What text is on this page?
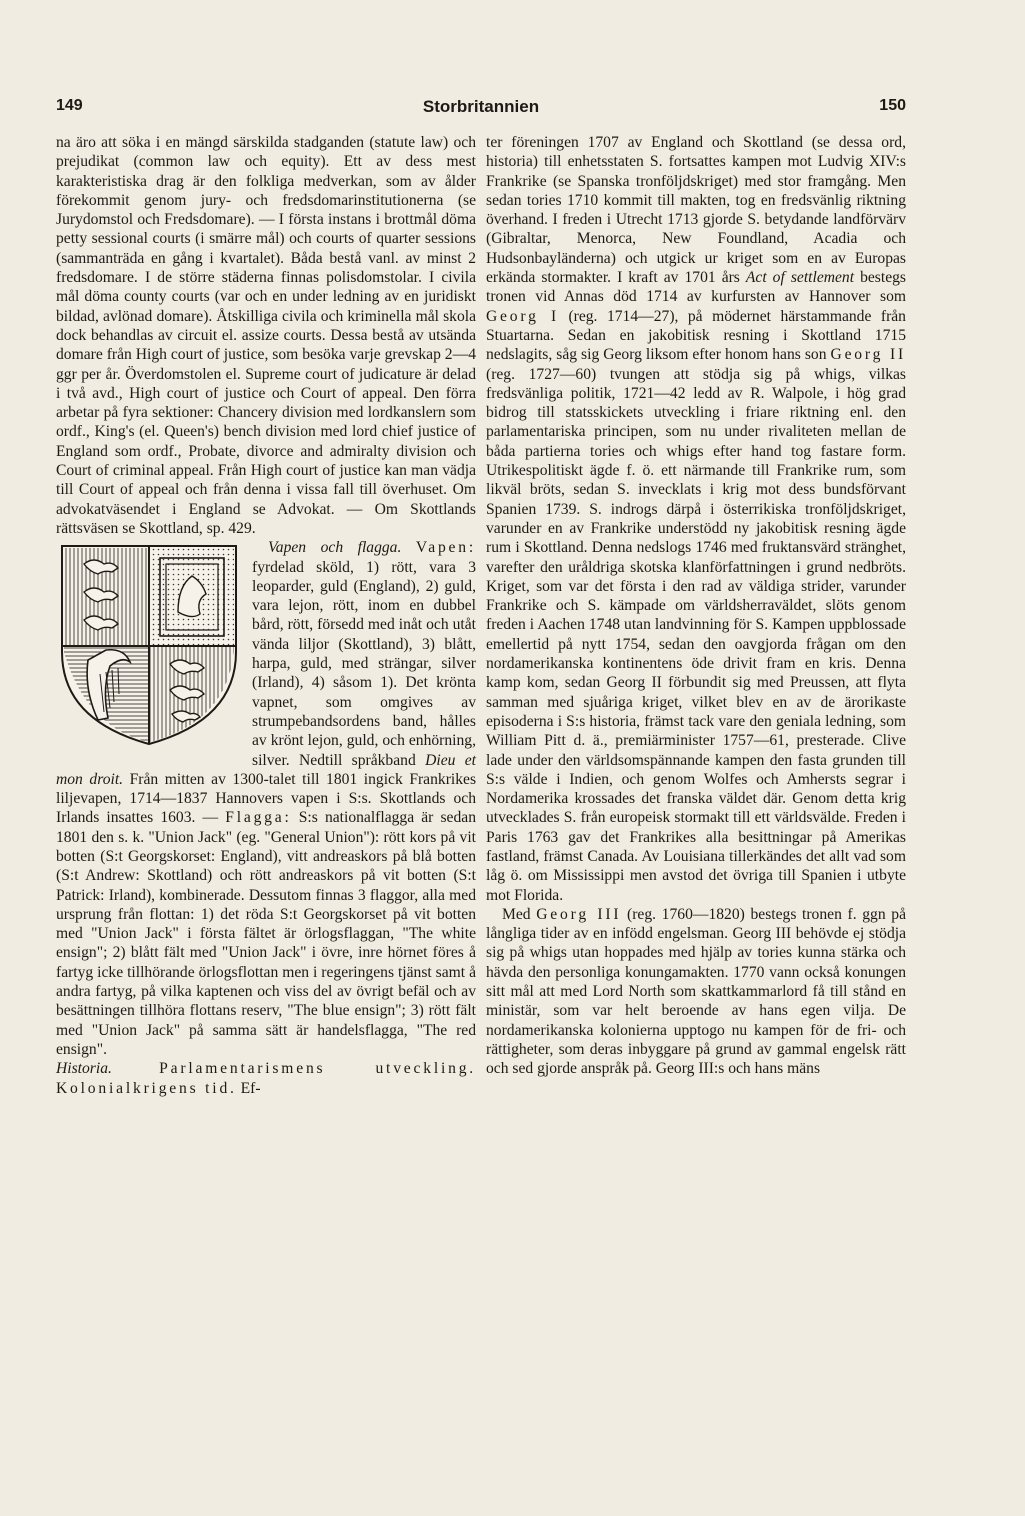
149	Storbritannien	150

na äro att söka i en mängd särskilda stadganden (statute law) och prejudikat (common law och equity). Ett av dess mest karakteristiska drag är den folkliga medverkan, som av ålder förekommit genom jury- och fredsdomarinstitutionerna (se Jurydomstol och Fredsdomare). — I första instans i brottmål döma petty sessional courts (i smärre mål) och courts of quarter sessions (sammanträda en gång i kvartalet). Båda bestå vanl. av minst 2 fredsdomare. I de större städerna finnas polisdomstolar. I civila mål döma county courts (var och en under ledning av en juridiskt bildad, avlönad domare). Åtskilliga civila och kriminella mål skola dock behandlas av circuit el. assize courts. Dessa bestå av utsända domare från High court of justice, som besöka varje grevskap 2—4 ggr per år. Överdomstolen el. Supreme court of judicature är delad i två avd., High court of justice och Court of appeal. Den förra arbetar på fyra sektioner: Chancery division med lordkanslern som ordf., King's (el. Queen's) bench division med lord chief justice of England som ordf., Probate, divorce and admiralty division och Court of criminal appeal. Från High court of justice kan man vädja till Court of appeal och från denna i vissa fall till överhuset. Om advokatväsendet i England se Advokat. — Om Skottlands rättsväsen se Skottland, sp. 429.

Vapen och flagga. Vapen:
fyrdelad sköld, 1) rött, vara 3 leoparder, guld (England), 2) guld, vara lejon, rött, inom en dubbel bård, rött, försedd med inåt och utåt vända liljor (Skottland), 3) blått, harpa, guld, med strängar, silver (Irland), 4) såsom 1). Det krönta vapnet, som omgives av strumpebandsordens band, hålles av krönt lejon, guld, och enhörning, silver. Nedtill språkband Dieu et mon droit. Från mitten av 1300-talet till 1801 ingick Frankrikes liljevapen, 1714—1837 Hannovers vapen i S:s. Skottlands och Irlands insattes 1603. — Flagga: S:s nationalflagga är sedan 1801 den s. k. "Union Jack" (eg. "General Union"): rött kors på vit botten (S:t Georgskorset: England), vitt andreaskors på blå botten (S:t Andrew: Skottland) och rött andreaskors på vit botten (S:t Patrick: Irland), kombinerade. Dessutom finnas 3 flaggor, alla med ursprung från flottan: 1) det röda S:t Georgskorset på vit botten med "Union Jack" i första fältet är örlogsflaggan, "The white ensign"; 2) blått fält med "Union Jack" i övre, inre hörnet föres å fartyg icke tillhörande örlogsflottan men i regeringens tjänst samt å andra fartyg, på vilka kaptenen och viss del av övrigt befäl och av besättningen tillhöra flottans reserv, "The blue ensign"; 3) rött fält med "Union Jack" på samma sätt är handelsflagga, "The red ensign".

Historia.	Parlamentarismens utveckling. Kolonialkrigens tid. Ef-

ter föreningen 1707 av England och Skottland (se dessa ord, historia) till enhetsstaten S. fortsattes kampen mot Ludvig XIV:s Frankrike (se Spanska tronföljdskriget) med stor framgång. Men sedan tories 1710 kommit till makten, tog en fredsvänlig riktning överhand. I freden i Utrecht 1713 gjorde S. betydande landförvärv (Gibraltar, Menorca, New Foundland, Acadia och Hudsonbayländerna) och utgick ur kriget som en av Europas erkända stormakter. I kraft av 1701 års Act of settlement bestegs tronen vid Annas död 1714 av kurfursten av Hannover som Georg I (reg. 1714—27), på mödernet härstammande från Stuartarna. Sedan en jakobitisk resning i Skottland 1715 nedslagits, såg sig Georg liksom efter honom hans son Georg II (reg. 1727—60) tvungen att stödja sig på whigs, vilkas fredsvänliga politik, 1721—42 ledd av R. Walpole, i hög grad bidrog till statsskickets utveckling i friare riktning enl. den parlamentariska principen, som nu under rivaliteten mellan de båda partierna tories och whigs efter hand tog fastare form. Utrikespolitiskt ägde f. ö. ett närmande till Frankrike rum, som likväl bröts, sedan S. invecklats i krig mot dess bundsförvant Spanien 1739. S. indrogs därpå i österrikiska tronföljdskriget, varunder en av Frankrike understödd ny jakobitisk resning ägde rum i Skottland. Denna nedslogs 1746 med fruktansvärd stränghet, varefter den uråldriga skotska klanförfattningen i grund nedbröts. Kriget, som var det första i den rad av väldiga strider, varunder Frankrike och S. kämpade om världsherraväldet, slöts genom freden i Aachen 1748 utan landvinning för S. Kampen uppblossade emellertid på nytt 1754, sedan den oavgjorda frågan om den nordamerikanska kontinentens öde drivit fram en kris. Denna kamp kom, sedan Georg II förbundit sig med Preussen, att flyta samman med sjuåriga kriget, vilket blev en av de ärorikaste episoderna i S:s historia, främst tack vare den geniala ledning, som William Pitt d. ä., premiärminister 1757—61, presterade. Clive lade under den världsomspännande kampen den fasta grunden till S:s välde i Indien, och genom Wolfes och Amhersts segrar i Nordamerika krossades det franska väldet där. Genom detta krig utvecklades S. från europeisk stormakt till ett världsvälde. Freden i Paris 1763 gav det Frankrikes alla besittningar på Amerikas fastland, främst Canada. Av Louisiana tillerkändes det allt vad som låg ö. om Mississippi men avstod det övriga till Spanien i utbyte mot Florida.

Med Georg III (reg. 1760—1820) bestegs tronen f. ggn på långliga tider av en infödd engelsman. Georg III behövde ej stödja sig på whigs utan hoppades med hjälp av tories kunna stärka och hävda den personliga konungamakten. 1770 vann också konungen sitt mål att med Lord North som skattkammarlord få till stånd en ministär, som var helt beroende av hans egen vilja. De nordamerikanska kolonierna upptogo nu kampen för de fri- och rättigheter, som deras inbyggare på grund av gammal engelsk rätt och sed gjorde anspråk på. Georg III:s och hans mäns
